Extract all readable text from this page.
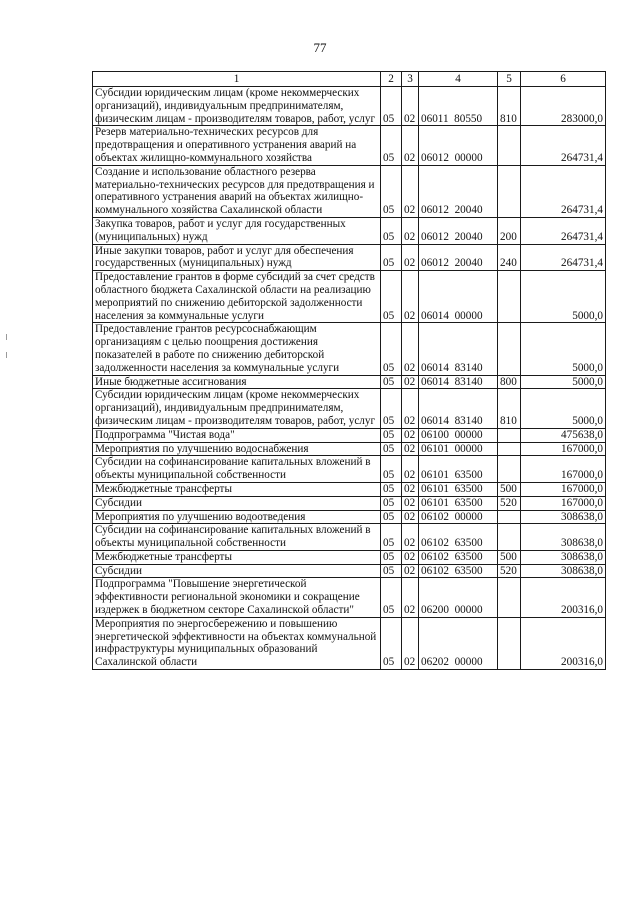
77
1	2	3	4	5	6
Субсидии юридическим лицам (кроме некоммерческих организаций), индивидуальным предпринимателям, физическим лицам - производителям товаров, работ, услуг	05	02	06011  80550	810	283000,0
Резерв материально-технических ресурсов для предотвращения и оперативного устранения аварий на объектах жилищно-коммунального хозяйства	05	02	06012  00000		264731,4
Создание и использование областного резерва материально-технических ресурсов для предотвращения и оперативного устранения аварий на объектах жилищно-коммунального хозяйства Сахалинской области	05	02	06012  20040		264731,4
Закупка товаров, работ и услуг для государственных (муниципальных) нужд	05	02	06012  20040	200	264731,4
Иные закупки товаров, работ и услуг для обеспечения государственных (муниципальных) нужд	05	02	06012  20040	240	264731,4
Предоставление грантов в форме субсидий за счет средств областного бюджета Сахалинской области на реализацию мероприятий по снижению дебиторской задолженности населения за коммунальные услуги	05	02	06014  00000		5000,0
Предоставление грантов ресурсоснабжающим организациям с целью поощрения достижения показателей в работе по снижению дебиторской задолженности населения за коммунальные услуги	05	02	06014  83140		5000,0
Иные бюджетные ассигнования	05	02	06014  83140	800	5000,0
Субсидии юридическим лицам (кроме некоммерческих организаций), индивидуальным предпринимателям, физическим лицам - производителям товаров, работ, услуг	05	02	06014  83140	810	5000,0
Подпрограмма "Чистая вода"	05	02	06100  00000		475638,0
Мероприятия по улучшению водоснабжения	05	02	06101  00000		167000,0
Субсидии на софинансирование капитальных вложений в объекты муниципальной собственности	05	02	06101  63500		167000,0
Межбюджетные трансферты	05	02	06101  63500	500	167000,0
Субсидии	05	02	06101  63500	520	167000,0
Мероприятия по улучшению водоотведения	05	02	06102  00000		308638,0
Субсидии на софинансирование капитальных вложений в объекты муниципальной собственности	05	02	06102  63500		308638,0
Межбюджетные трансферты	05	02	06102  63500	500	308638,0
Субсидии	05	02	06102  63500	520	308638,0
Подпрограмма "Повышение энергетической эффективности региональной экономики и сокращение издержек в бюджетном секторе Сахалинской области"	05	02	06200  00000		200316,0
Мероприятия по энергосбережению и повышению энергетической эффективности на объектах коммунальной инфраструктуры муниципальных образований Сахалинской области	05	02	06202  00000		200316,0
